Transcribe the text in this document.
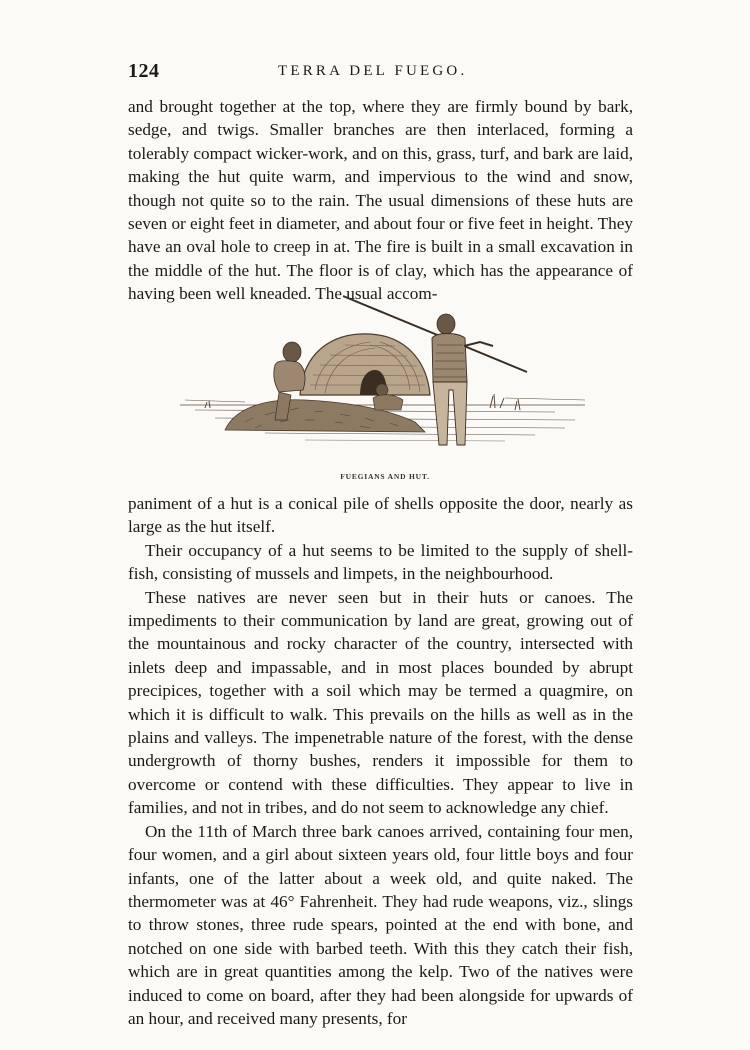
124	TERRA DEL FUEGO.

and brought together at the top, where they are firmly bound by bark, sedge, and twigs. Smaller branches are then interlaced, forming a tolerably compact wicker-work, and on this, grass, turf, and bark are laid, making the hut quite warm, and impervious to the wind and snow, though not quite so to the rain. The usual dimensions of these huts are seven or eight feet in diameter, and about four or five feet in height. They have an oval hole to creep in at. The fire is built in a small excavation in the middle of the hut. The floor is of clay, which has the appearance of having been well kneaded. The usual accom-

FUEGIANS AND HUT.

paniment of a hut is a conical pile of shells opposite the door, nearly as large as the hut itself.

Their occupancy of a hut seems to be limited to the supply of shell-fish, consisting of mussels and limpets, in the neighbourhood.

These natives are never seen but in their huts or canoes. The impediments to their communication by land are great, growing out of the mountainous and rocky character of the country, intersected with inlets deep and impassable, and in most places bounded by abrupt precipices, together with a soil which may be termed a quagmire, on which it is difficult to walk. This prevails on the hills as well as in the plains and valleys. The impenetrable nature of the forest, with the dense undergrowth of thorny bushes, renders it impossible for them to overcome or contend with these difficulties. They appear to live in families, and not in tribes, and do not seem to acknowledge any chief.

On the 11th of March three bark canoes arrived, containing four men, four women, and a girl about sixteen years old, four little boys and four infants, one of the latter about a week old, and quite naked. The thermometer was at 46° Fahrenheit. They had rude weapons, viz., slings to throw stones, three rude spears, pointed at the end with bone, and notched on one side with barbed teeth. With this they catch their fish, which are in great quantities among the kelp. Two of the natives were induced to come on board, after they had been alongside for upwards of an hour, and received many presents, for
